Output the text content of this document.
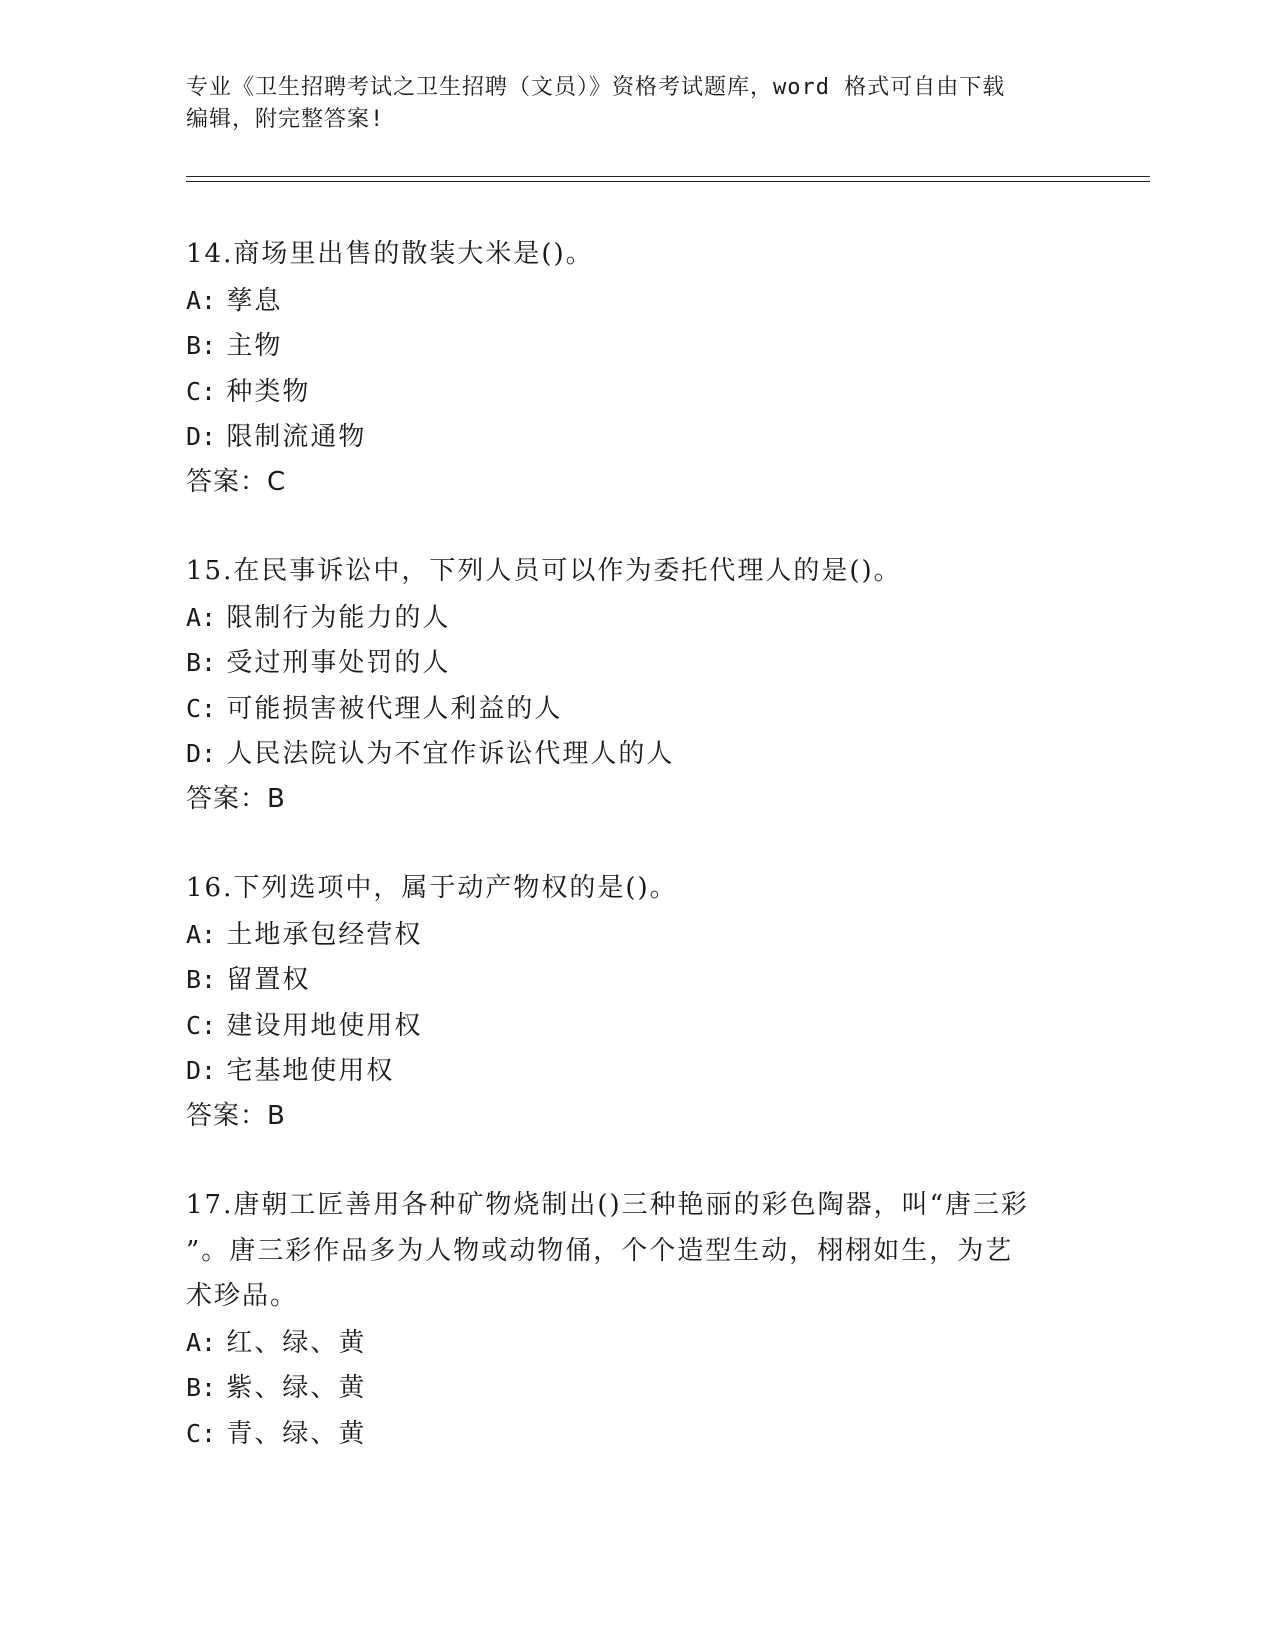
专业《卫生招聘考试之卫生招聘（文员）》资格考试题库，word 格式可自由下载
编辑，附完整答案!
14.商场里出售的散装大米是()。
A: 孳息
B: 主物
C: 种类物
D: 限制流通物
答案：C
15.在民事诉讼中，下列人员可以作为委托代理人的是()。
A: 限制行为能力的人
B: 受过刑事处罚的人
C: 可能损害被代理人利益的人
D: 人民法院认为不宜作诉讼代理人的人
答案：B
16.下列选项中，属于动产物权的是()。
A: 土地承包经营权
B: 留置权
C: 建设用地使用权
D: 宅基地使用权
答案：B
17.唐朝工匠善用各种矿物烧制出()三种艳丽的彩色陶器，叫“唐三彩
”。唐三彩作品多为人物或动物俑，个个造型生动，栩栩如生，为艺
术珍品。
A: 红、绿、黄
B: 紫、绿、黄
C: 青、绿、黄
